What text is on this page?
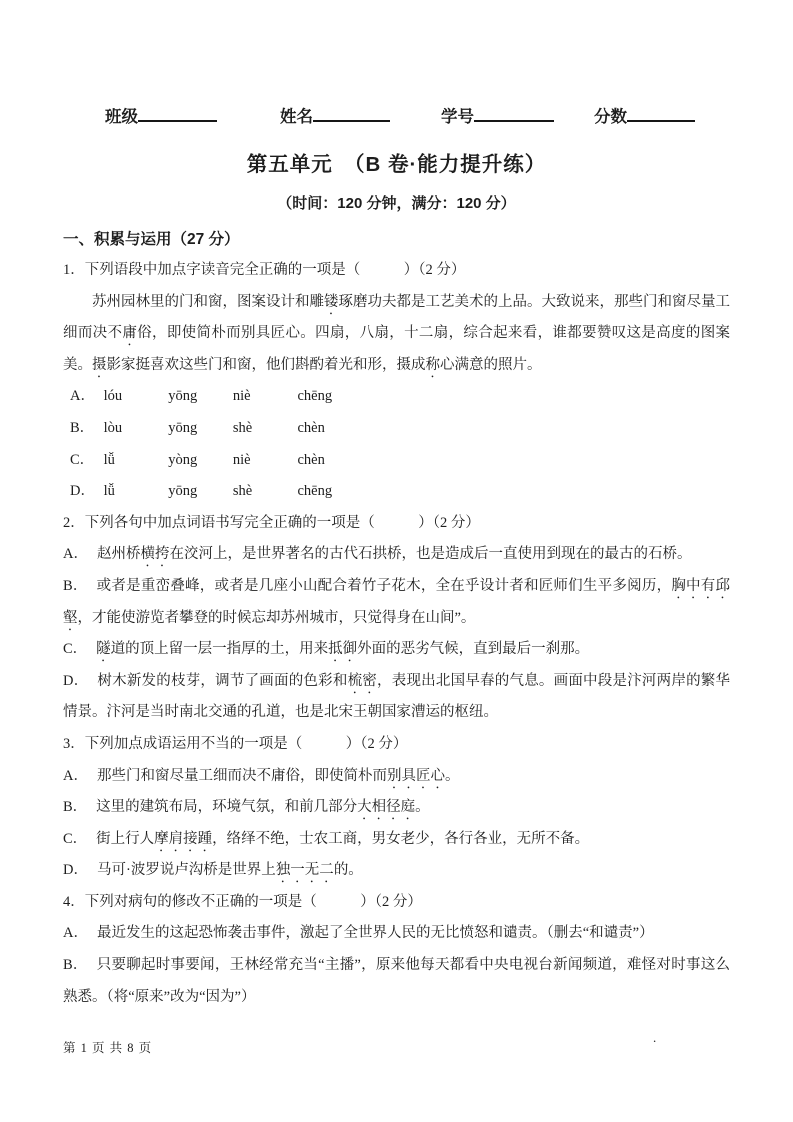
班级	姓名	学号	分数
第五单元　（B 卷·能力提升练）
（时间：120 分钟，满分：120 分）
一、积累与运用（27 分）
1．下列语段中加点字读音完全正确的一项是（　　　）（2 分）

苏州园林里的门和窗，图案设计和雕镂琢磨功夫都是工艺美术的上品。大致说来，那些门和窗尽量工细而决不庸俗，即使简朴而别具匠心。四扇，八扇，十二扇，综合起来看，谁都要赞叹这是高度的图案美。摄影家挺喜欢这些门和窗，他们斟酌着光和形，摄成称心满意的照片。

A． lóu	yōng niè	chēng
B． lòu	yōng shè	chèn
C． lǚ	yòng niè	chèn
D． lǚ	yōng shè	chēng
2．下列各句中加点词语书写完全正确的一项是（　　　）（2 分）
A． 赵州桥横挎在洨河上，是世界著名的古代石拱桥，也是造成后一直使用到现在的最古的石桥。
B． 或者是重峦叠峰，或者是几座小山配合着竹子花木，全在乎设计者和匠师们生平多阅历，胸中有邱壑，才能使游览者攀登的时候忘却苏州城市，只觉得身在山间”。
C． 隧道的顶上留一层一指厚的土，用来抵御外面的恶劣气候，直到最后一刹那。
D． 树木新发的枝芽，调节了画面的色彩和梳密，表现出北国早春的气息。画面中段是汴河两岸的繁华情景。汴河是当时南北交通的孔道，也是北宋王朝国家漕运的枢纽。
3．下列加点成语运用不当的一项是（　　　）（2 分）
A． 那些门和窗尽量工细而决不庸俗，即使简朴而别具匠心。
B． 这里的建筑布局，环境气氛，和前几部分大相径庭。
C． 街上行人摩肩接踵，络绎不绝，士农工商，男女老少，各行各业，无所不备。
D． 马可·波罗说卢沟桥是世界上独一无二的。
4．下列对病句的修改不正确的一项是（　　　）（2 分）
A． 最近发生的这起恐怖袭击事件，激起了全世界人民的无比愤怒和谴责。（删去“和谴责”）
B． 只要聊起时事要闻，王林经常充当“主播”，原来他每天都看中央电视台新闻频道，难怪对时事这么熟悉。（将“原来”改为“因为”）
第 1 页 共 8 页
.
